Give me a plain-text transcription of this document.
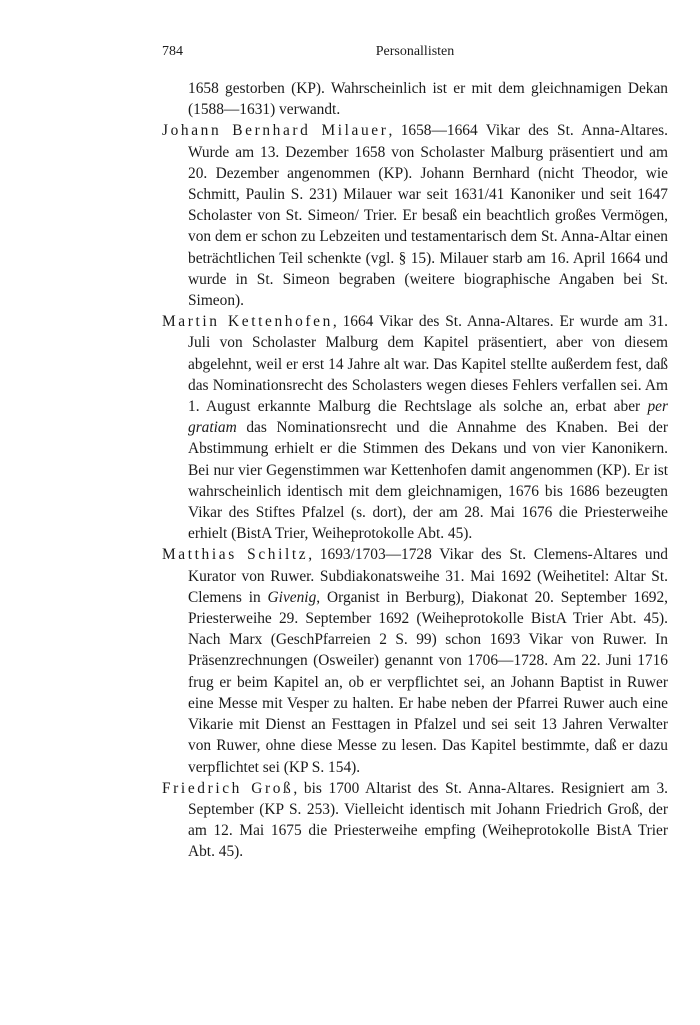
784	Personallisten

1658 gestorben (KP). Wahrscheinlich ist er mit dem gleichnamigen Dekan (1588—1631) verwandt.

Johann Bernhard Milauer, 1658—1664 Vikar des St. Anna-Altares. Wurde am 13. Dezember 1658 von Scholaster Malburg präsentiert und am 20. Dezember angenommen (KP). Johann Bernhard (nicht Theodor, wie Schmitt, Paulin S. 231) Milauer war seit 1631/41 Kanoniker und seit 1647 Scholaster von St. Simeon/ Trier. Er besaß ein beachtlich großes Vermögen, von dem er schon zu Lebzeiten und testamentarisch dem St. Anna-Altar einen beträchtlichen Teil schenkte (vgl. § 15). Milauer starb am 16. April 1664 und wurde in St. Simeon begraben (weitere biographische Angaben bei St. Simeon).

Martin Kettenhofen, 1664 Vikar des St. Anna-Altares. Er wurde am 31. Juli von Scholaster Malburg dem Kapitel präsentiert, aber von diesem abgelehnt, weil er erst 14 Jahre alt war. Das Kapitel stellte außerdem fest, daß das Nominationsrecht des Scholasters wegen dieses Fehlers verfallen sei. Am 1. August erkannte Malburg die Rechtslage als solche an, erbat aber per gratiam das Nominationsrecht und die Annahme des Knaben. Bei der Abstimmung erhielt er die Stimmen des Dekans und von vier Kanonikern. Bei nur vier Gegenstimmen war Kettenhofen damit angenommen (KP). Er ist wahrscheinlich identisch mit dem gleichnamigen, 1676 bis 1686 bezeugten Vikar des Stiftes Pfalzel (s. dort), der am 28. Mai 1676 die Priesterweihe erhielt (BistA Trier, Weiheprotokolle Abt. 45).

Matthias Schiltz, 1693/1703—1728 Vikar des St. Clemens-Altares und Kurator von Ruwer. Subdiakonatsweihe 31. Mai 1692 (Weihetitel: Altar St. Clemens in Givenig, Organist in Berburg), Diakonat 20. September 1692, Priesterweihe 29. September 1692 (Weiheprotokolle BistA Trier Abt. 45). Nach Marx (GeschPfarreien 2 S. 99) schon 1693 Vikar von Ruwer. In Präsenzrechnungen (Osweiler) genannt von 1706—1728. Am 22. Juni 1716 frug er beim Kapitel an, ob er verpflichtet sei, an Johann Baptist in Ruwer eine Messe mit Vesper zu halten. Er habe neben der Pfarrei Ruwer auch eine Vikarie mit Dienst an Festtagen in Pfalzel und sei seit 13 Jahren Verwalter von Ruwer, ohne diese Messe zu lesen. Das Kapitel bestimmte, daß er dazu verpflichtet sei (KP S. 154).

Friedrich Groß, bis 1700 Altarist des St. Anna-Altares. Resigniert am 3. September (KP S. 253). Vielleicht identisch mit Johann Friedrich Groß, der am 12. Mai 1675 die Priesterweihe empfing (Weiheprotokolle BistA Trier Abt. 45).
